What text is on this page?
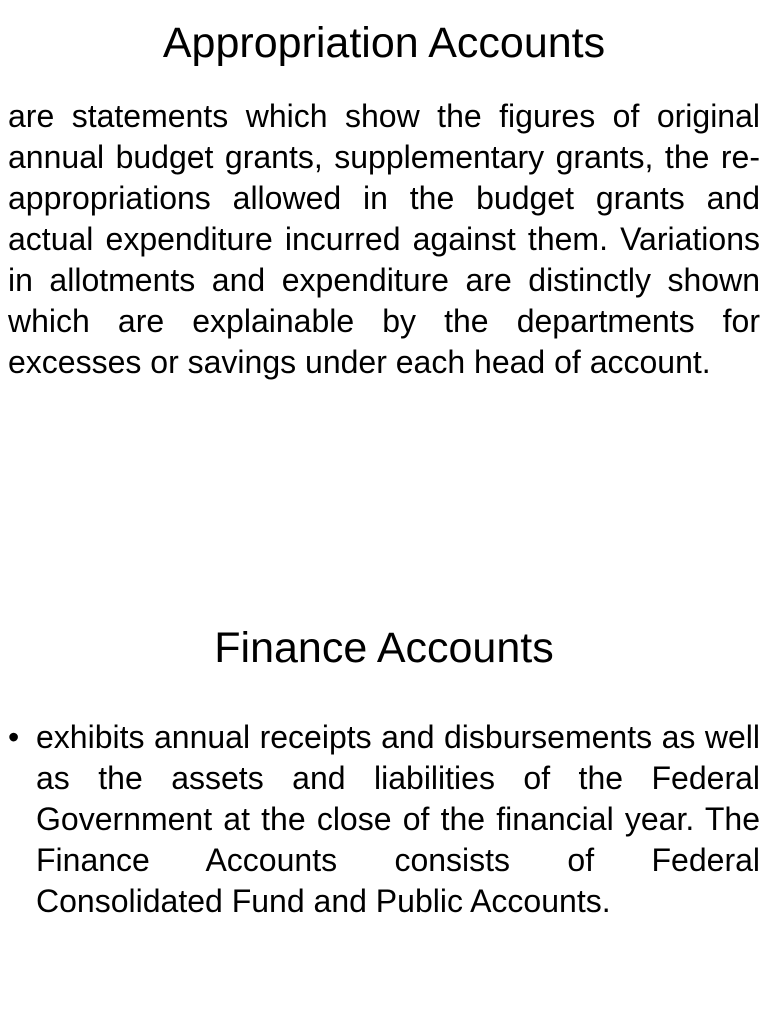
Appropriation Accounts

are statements which show the figures of original annual budget grants, supplementary grants, the re-appropriations allowed in the budget grants and actual expenditure incurred against them. Variations in allotments and expenditure are distinctly shown which are explainable by the departments for excesses or savings under each head of account.

Finance Accounts
• exhibits annual receipts and disbursements as well as the assets and liabilities of the Federal Government at the close of the financial year. The Finance Accounts consists of Federal Consolidated Fund and Public Accounts.
